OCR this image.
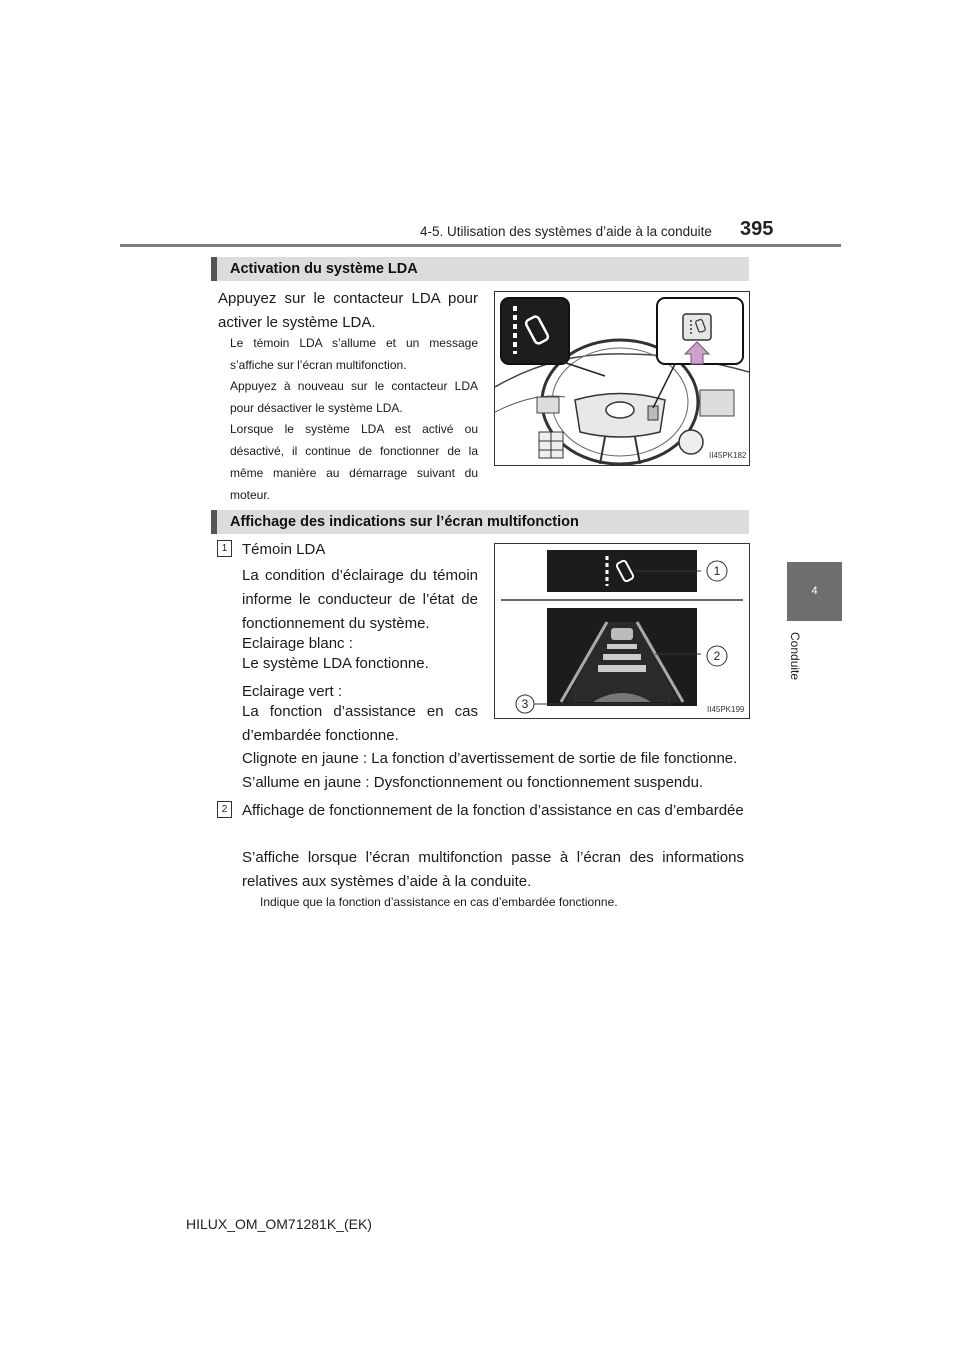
4-5. Utilisation des systèmes d’aide à la conduite 395
4
Conduite
Activation du système LDA
Appuyez sur le contacteur LDA pour activer le système LDA.
Le témoin LDA s’allume et un message s’affiche sur l’écran multifonction.
Appuyez à nouveau sur le contacteur LDA pour désactiver le système LDA.
Lorsque le système LDA est activé ou désactivé, il continue de fonctionner de la même manière au démarrage suivant du moteur.
II45PK182
Affichage des indications sur l’écran multifonction
1 Témoin LDA
La condition d’éclairage du témoin informe le conducteur de l’état de fonctionnement du système.
Eclairage blanc :
Le système LDA fonctionne.
Eclairage vert :
La fonction d’assistance en cas d’embardée fonctionne.
Clignote en jaune : La fonction d’avertissement de sortie de file fonctionne.
S’allume en jaune : Dysfonctionnement ou fonctionnement suspendu.
2 Affichage de fonctionnement de la fonction d’assistance en cas d’embardée
S’affiche lorsque l’écran multifonction passe à l’écran des informations relatives aux systèmes d’aide à la conduite.
Indique que la fonction d’assistance en cas d’embardée fonctionne.
1
2
3	II45PK199
HILUX_OM_OM71281K_(EK)
